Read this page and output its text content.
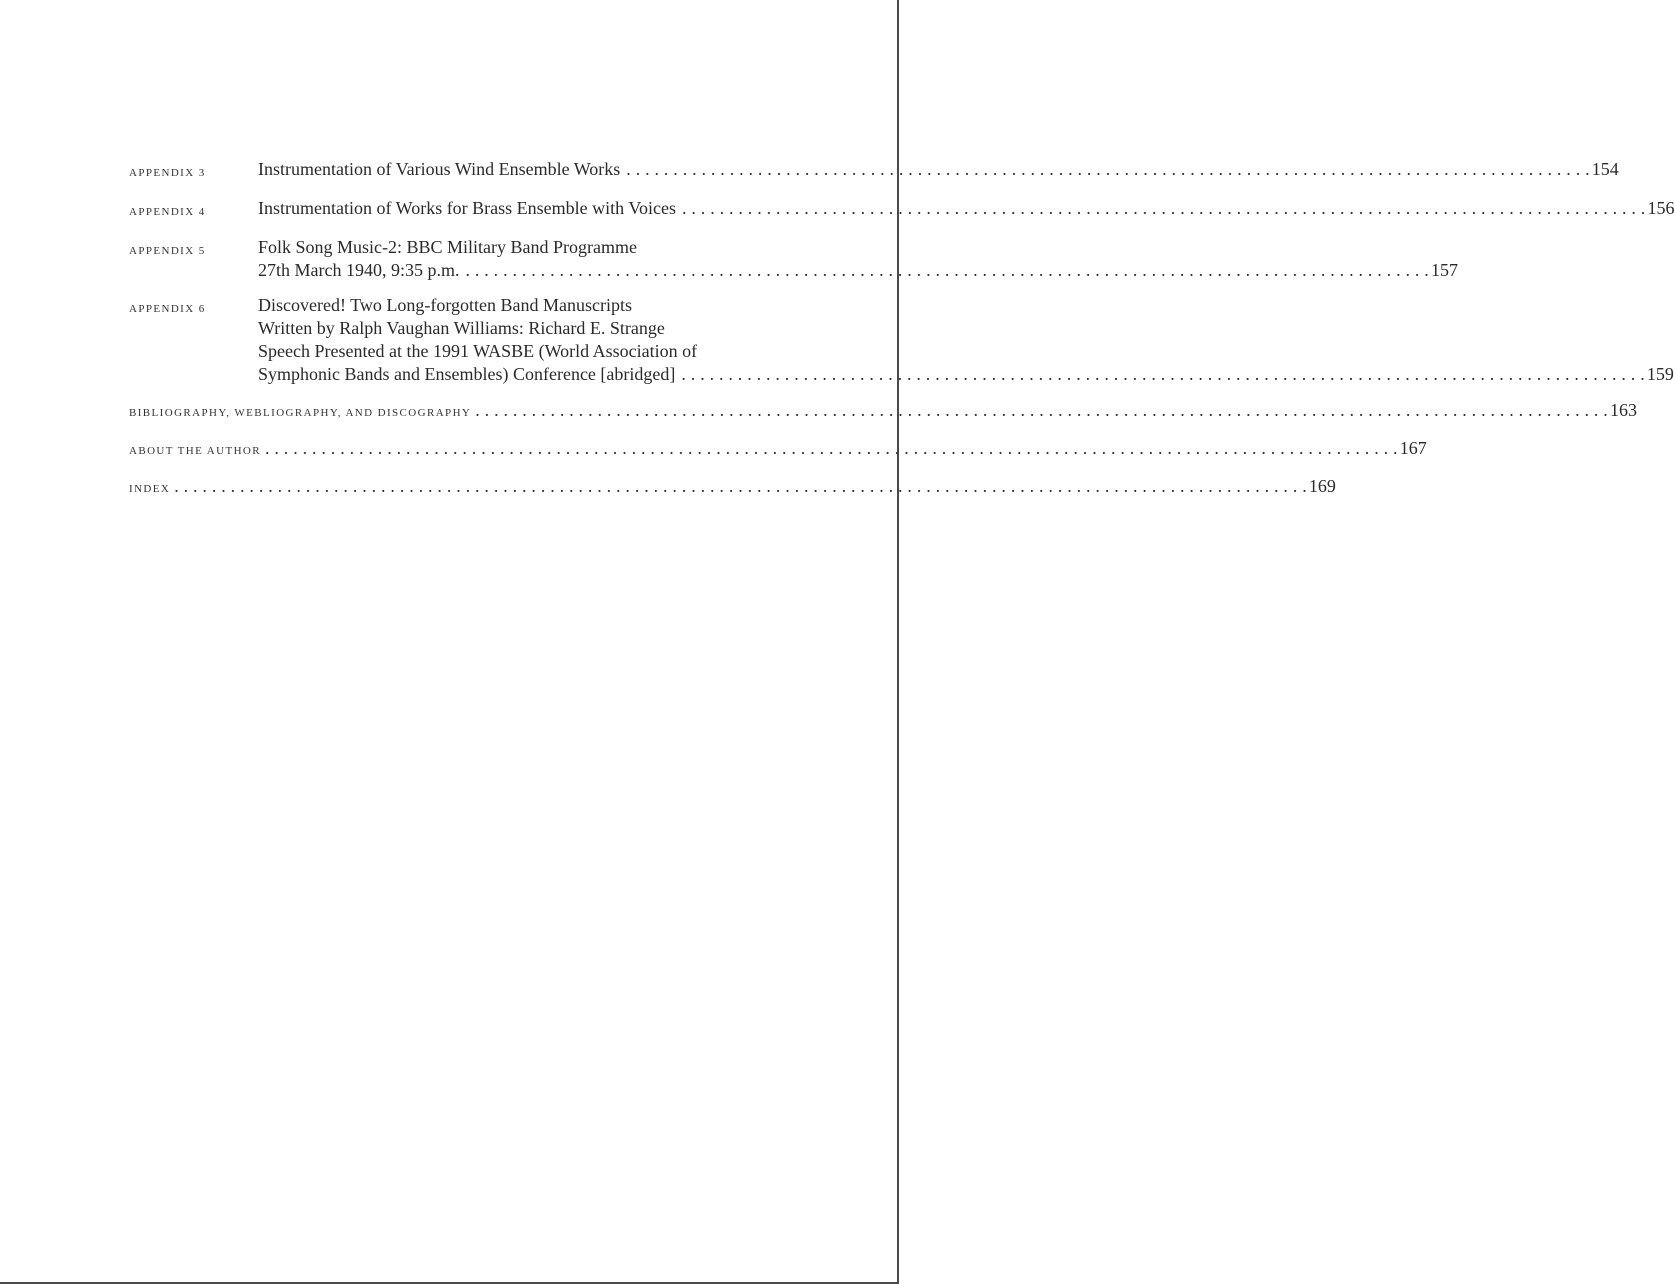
APPENDIX 3	Instrumentation of Various Wind Ensemble Works . . .	154
APPENDIX 4	Instrumentation of Works for Brass Ensemble with Voices . . .	156
APPENDIX 5	Folk Song Music-2: BBC Military Band Programme
27th March 1940, 9:35 p.m. . . .	157
APPENDIX 6	Discovered! Two Long-forgotten Band Manuscripts
Written by Ralph Vaughan Williams: Richard E. Strange
Speech Presented at the 1991 WASBE (World Association of
Symphonic Bands and Ensembles) Conference [abridged] . . .	159
BIBLIOGRAPHY, WEBLIOGRAPHY, AND DISCOGRAPHY . . .	163
ABOUT THE AUTHOR . . .	167
INDEX . . .	169
